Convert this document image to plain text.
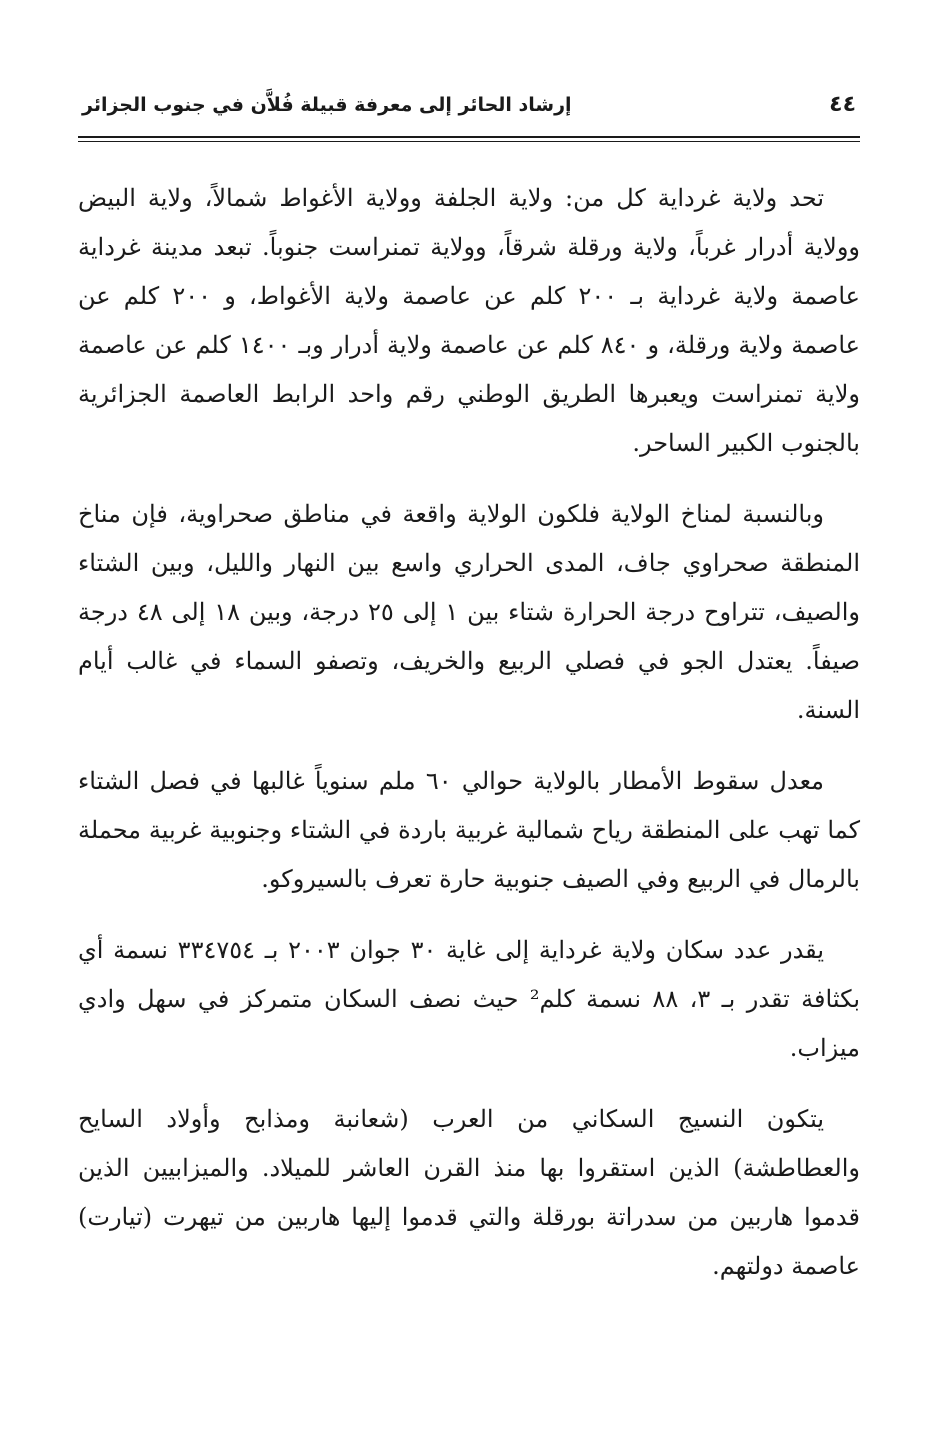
٤٤
إرشاد الحائر إلى معرفة قبيلة فُلاَّن في جنوب الجزائر

تحد ولاية غرداية كل من: ولاية الجلفة وولاية الأغواط شمالاً، ولاية البيض وولاية أدرار غرباً، ولاية ورقلة شرقاً، وولاية تمنراست جنوباً. تبعد مدينة غرداية عاصمة ولاية غرداية بـ ٢٠٠ كلم عن عاصمة ولاية الأغواط، و ٢٠٠ كلم عن عاصمة ولاية ورقلة، و ٨٤٠ كلم عن عاصمة ولاية أدرار وبـ ١٤٠٠ كلم عن عاصمة ولاية تمنراست ويعبرها الطريق الوطني رقم واحد الرابط العاصمة الجزائرية بالجنوب الكبير الساحر.

وبالنسبة لمناخ الولاية فلكون الولاية واقعة في مناطق صحراوية، فإن مناخ المنطقة صحراوي جاف، المدى الحراري واسع بين النهار والليل، وبين الشتاء والصيف، تتراوح درجة الحرارة شتاء بين ١ إلى ٢٥ درجة، وبين ١٨ إلى ٤٨ درجة صيفاً. يعتدل الجو في فصلي الربيع والخريف، وتصفو السماء في غالب أيام السنة.

معدل سقوط الأمطار بالولاية حوالي ٦٠ ملم سنوياً غالبها في فصل الشتاء كما تهب على المنطقة رياح شمالية غربية باردة في الشتاء وجنوبية غربية محملة بالرمال في الربيع وفي الصيف جنوبية حارة تعرف بالسيروكو.

يقدر عدد سكان ولاية غرداية إلى غاية ٣٠ جوان ٢٠٠٣ بـ ٣٣٤٧٥٤ نسمة أي بكثافة تقدر بـ ٣، ٨٨ نسمة كلم² حيث نصف السكان متمركز في سهل وادي ميزاب.

يتكون النسيج السكاني من العرب (شعانبة ومذابح وأولاد السايح والعطاطشة) الذين استقروا بها منذ القرن العاشر للميلاد. والميزابيين الذين قدموا هاربين من سدراتة بورقلة والتي قدموا إليها هاربين من تيهرت (تيارت) عاصمة دولتهم.
